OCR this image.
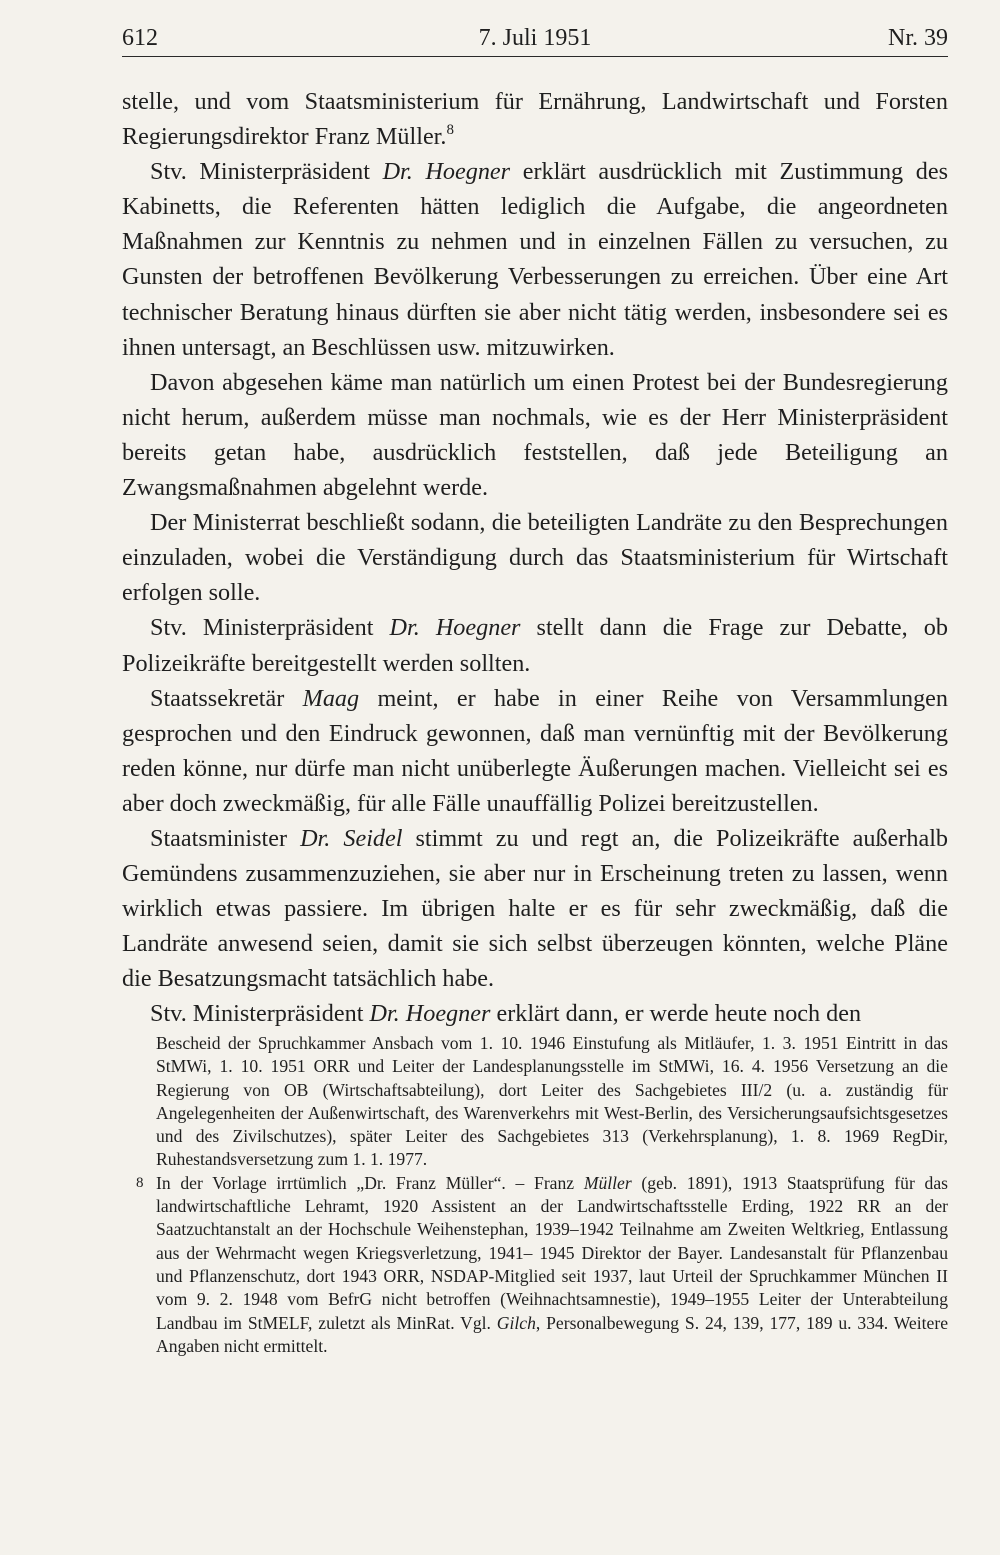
612	7. Juli 1951	Nr. 39

stelle, und vom Staatsministerium für Ernährung, Landwirtschaft und Forsten Regierungsdirektor Franz Müller.$^8$

Stv. Ministerpräsident Dr. Hoegner erklärt ausdrücklich mit Zustimmung des Kabinetts, die Referenten hätten lediglich die Aufgabe, die angeordneten Maßnahmen zur Kenntnis zu nehmen und in einzelnen Fällen zu versuchen, zu Gunsten der betroffenen Bevölkerung Verbesserungen zu erreichen. Über eine Art technischer Beratung hinaus dürften sie aber nicht tätig werden, insbesondere sei es ihnen untersagt, an Beschlüssen usw. mitzuwirken.

Davon abgesehen käme man natürlich um einen Protest bei der Bundesregierung nicht herum, außerdem müsse man nochmals, wie es der Herr Ministerpräsident bereits getan habe, ausdrücklich feststellen, daß jede Beteiligung an Zwangsmaßnahmen abgelehnt werde.

Der Ministerrat beschließt sodann, die beteiligten Landräte zu den Besprechungen einzuladen, wobei die Verständigung durch das Staatsministerium für Wirtschaft erfolgen solle.

Stv. Ministerpräsident Dr. Hoegner stellt dann die Frage zur Debatte, ob Polizeikräfte bereitgestellt werden sollten.

Staatssekretär Maag meint, er habe in einer Reihe von Versammlungen gesprochen und den Eindruck gewonnen, daß man vernünftig mit der Bevölkerung reden könne, nur dürfe man nicht unüberlegte Äußerungen machen. Vielleicht sei es aber doch zweckmäßig, für alle Fälle unauffällig Polizei bereitzustellen.

Staatsminister Dr. Seidel stimmt zu und regt an, die Polizeikräfte außerhalb Gemündens zusammenzuziehen, sie aber nur in Erscheinung treten zu lassen, wenn wirklich etwas passiere. Im übrigen halte er es für sehr zweckmäßig, daß die Landräte anwesend seien, damit sie sich selbst überzeugen könnten, welche Pläne die Besatzungsmacht tatsächlich habe.

Stv. Ministerpräsident Dr. Hoegner erklärt dann, er werde heute noch den

Bescheid der Spruchkammer Ansbach vom 1. 10. 1946 Einstufung als Mitläufer, 1. 3. 1951 Eintritt in das StMWi, 1. 10. 1951 ORR und Leiter der Landesplanungsstelle im StMWi, 16. 4. 1956 Versetzung an die Regierung von OB (Wirtschaftsabteilung), dort Leiter des Sachgebietes III/2 (u. a. zuständig für Angelegenheiten der Außenwirtschaft, des Warenverkehrs mit West-Berlin, des Versicherungsaufsichtsgesetzes und des Zivilschutzes), später Leiter des Sachgebietes 313 (Verkehrsplanung), 1. 8. 1969 RegDir, Ruhestandsversetzung zum 1. 1. 1977.
8 In der Vorlage irrtümlich „Dr. Franz Müller“. – Franz Müller (geb. 1891), 1913 Staatsprüfung für das landwirtschaftliche Lehramt, 1920 Assistent an der Landwirtschaftsstelle Erding, 1922 RR an der Saatzuchtanstalt an der Hochschule Weihenstephan, 1939–1942 Teilnahme am Zweiten Weltkrieg, Entlassung aus der Wehrmacht wegen Kriegsverletzung, 1941– 1945 Direktor der Bayer. Landesanstalt für Pflanzenbau und Pflanzenschutz, dort 1943 ORR, NSDAP-Mitglied seit 1937, laut Urteil der Spruchkammer München II vom 9. 2. 1948 vom BefrG nicht betroffen (Weihnachtsamnestie), 1949–1955 Leiter der Unterabteilung Landbau im StMELF, zuletzt als MinRat. Vgl. Gilch, Personalbewegung S. 24, 139, 177, 189 u. 334. Weitere Angaben nicht ermittelt.
